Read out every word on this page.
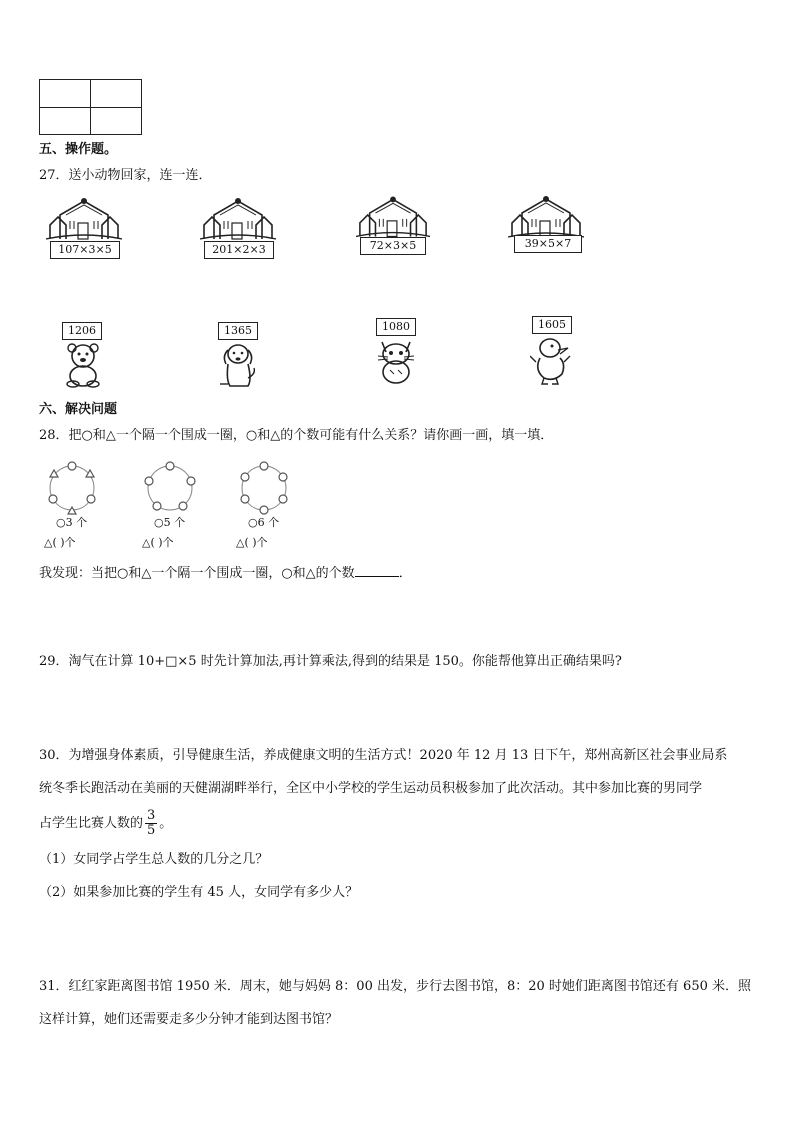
五、操作题。
27．送小动物回家，连一连．
107×3×5	201×2×3	72×3×5	39×5×7
1206	1365	1080	1605
六、解决问题
28．把○和△一个隔一个围成一圈，○和△的个数可能有什么关系？请你画一画，填一填．
○3 个
△( )个
○5 个
△( )个
○6 个
△( )个
我发现：当把○和△一个隔一个围成一圈，○和△的个数	．
29．淘气在计算 10+□×5 时先计算加法,再计算乘法,得到的结果是 150。你能帮他算出正确结果吗?
30．为增强身体素质，引导健康生活，养成健康文明的生活方式！2020 年 12 月 13 日下午，郑州高新区社会事业局系
统冬季长跑活动在美丽的天健湖湖畔举行，全区中小学校的学生运动员积极参加了此次活动。其中参加比赛的男同学
占学生比赛人数的 $\frac{3}{5}$ 。
（1）女同学占学生总人数的几分之几？
（2）如果参加比赛的学生有 45 人，女同学有多少人？
31．红红家距离图书馆 1950 米．周末，她与妈妈 8：00 出发，步行去图书馆，8：20 时她们距离图书馆还有 650 米．照
这样计算，她们还需要走多少分钟才能到达图书馆？
